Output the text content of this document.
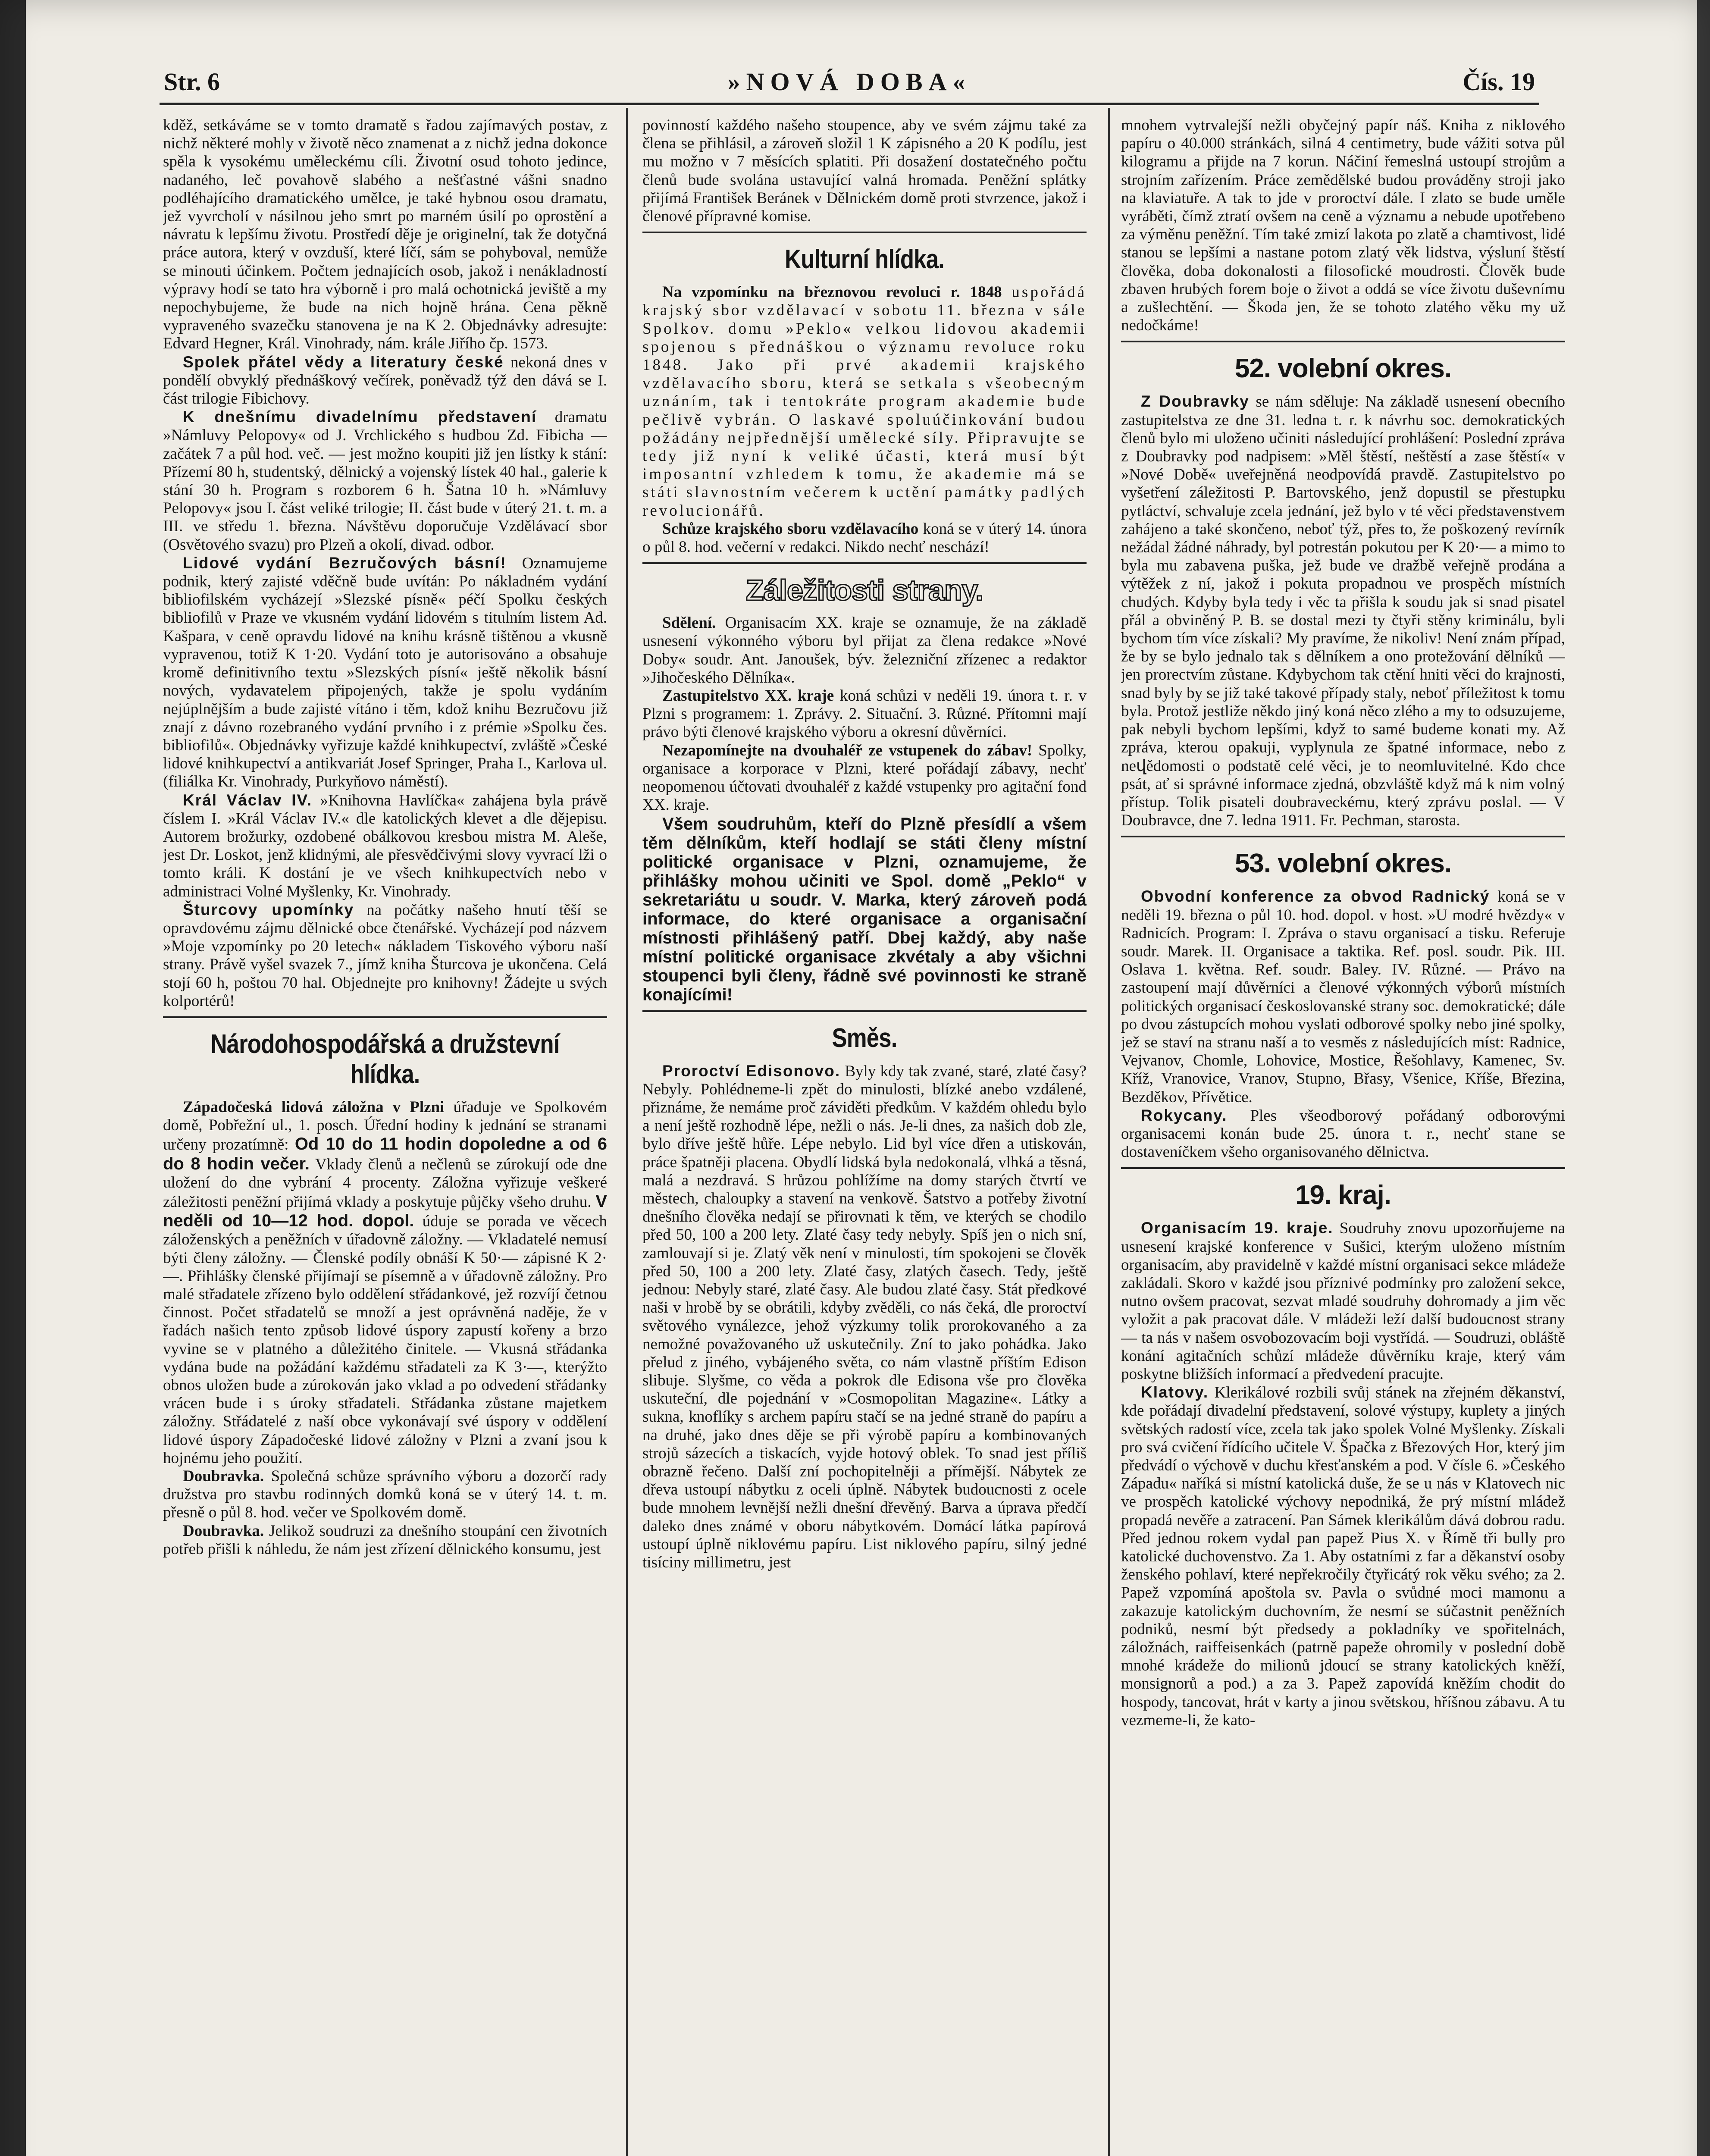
Str. 6	»NOVÁ DOBA«	Čís. 19

kděž, setkáváme se v tomto dramatě s řadou zajímavých postav, z nichž některé mohly v životě něco znamenat a z nichž jedna dokonce spěla k vysokému uměleckému cíli. Životní osud tohoto jedince, nadaného, leč povahově slabého a nešťastné vášni snadno podléhajícího dramatického umělce, je také hybnou osou dramatu, jež vyvrcholí v násilnou jeho smrt po marném úsilí po oprostění a návratu k lepšímu životu. Prostředí děje je originelní, tak že dotyčná práce autora, který v ovzduší, které líčí, sám se pohyboval, nemůže se minouti účinkem. Počtem jednajících osob, jakož i nenákladností výpravy hodí se tato hra výborně i pro malá ochotnická jeviště a my nepochybujeme, že bude na nich hojně hrána. Cena pěkně vypraveného svazečku stanovena je na K 2. Objednávky adresujte: Edvard Hegner, Král. Vinohrady, nám. krále Jiřího čp. 1573.

Spolek přátel vědy a literatury české nekoná dnes v pondělí obvyklý přednáškový večírek, poněvadž týž den dává se I. část trilogie Fibichovy.

K dnešnímu divadelnímu představení dramatu »Námluvy Pelopovy« od J. Vrchlického s hudbou Zd. Fibicha — začátek 7 a půl hod. več. — jest možno koupiti již jen lístky k stání: Přízemí 80 h, studentský, dělnický a vojenský lístek 40 hal., galerie k stání 30 h. Program s rozborem 6 h. Šatna 10 h. »Námluvy Pelopovy« jsou I. část veliké trilogie; II. část bude v úterý 21. t. m. a III. ve středu 1. března. Návštěvu doporučuje Vzdělávací sbor (Osvětového svazu) pro Plzeň a okolí, divad. odbor.

Lidové vydání Bezručových básní! Oznamujeme podnik, který zajisté vděčně bude uvítán: Po nákladném vydání bibliofilském vycházejí »Slezské písně« péčí Spolku českých bibliofilů v Praze ve vkusném vydání lidovém s titulním listem Ad. Kašpara, v ceně opravdu lidové na knihu krásně tištěnou a vkusně vypravenou, totiž K 1·20. Vydání toto je autorisováno a obsahuje kromě definitivního textu »Slezských písní« ještě několik básní nových, vydavatelem připojených, takže je spolu vydáním nejúplnějším a bude zajisté vítáno i těm, kdož knihu Bezručovu již znají z dávno rozebraného vydání prvního i z prémie »Spolku čes. bibliofilů«. Objednávky vyřizuje každé knihkupectví, zvláště »České lidové knihkupectví a antikvariát Josef Springer, Praha I., Karlova ul. (filiálka Kr. Vinohrady, Purkyňovo náměstí).

Král Václav IV. »Knihovna Havlíčka« zahájena byla právě číslem I. »Král Václav IV.« dle katolických klevet a dle dějepisu. Autorem brožurky, ozdobené obálkovou kresbou mistra M. Aleše, jest Dr. Loskot, jenž klidnými, ale přesvědčivými slovy vyvrací lži o tomto králi. K dostání je ve všech knihkupectvích nebo v administraci Volné Myšlenky, Kr. Vinohrady.

Šturcovy upomínky na počátky našeho hnutí těší se opravdovému zájmu dělnické obce čtenářské. Vycházejí pod názvem »Moje vzpomínky po 20 letech« nákladem Tiskového výboru naší strany. Právě vyšel svazek 7., jímž kniha Šturcova je ukončena. Celá stojí 60 h, poštou 70 hal. Objednejte pro knihovny! Žádejte u svých kolportérů!

Národohospodářská a družstevní hlídka.

Západočeská lidová záložna v Plzni úřaduje ve Spolkovém domě, Pobřežní ul., 1. posch. Úřední hodiny k jednání se stranami určeny prozatímně: Od 10 do 11 hodin dopoledne a od 6 do 8 hodin večer. Vklady členů a nečlenů se zúrokují ode dne uložení do dne vybrání 4 procenty. Záložna vyřizuje veškeré záležitosti peněžní přijímá vklady a poskytuje půjčky všeho druhu. V neděli od 10—12 hod. dopol. úduje se porada ve věcech záloženských a peněžních v úřadovně záložny. — Vkladatelé nemusí býti členy záložny. — Členské podíly obnáší K 50·— zápisné K 2·—. Přihlášky členské přijímají se písemně a v úřadovně záložny. Pro malé střadatele zřízeno bylo oddělení střádankové, jež rozvíjí četnou činnost. Počet střadatelů se množí a jest oprávněná naděje, že v řadách našich tento způsob lidové úspory zapustí kořeny a brzo vyvine se v platného a důležitého činitele. — Vkusná střádanka vydána bude na požádání každému střadateli za K 3·—, kterýžto obnos uložen bude a zúrokován jako vklad a po odvedení střádanky vrácen bude i s úroky střadateli. Střádanka zůstane majetkem záložny. Střádatelé z naší obce vykonávají své úspory v oddělení lidové úspory Západočeské lidové záložny v Plzni a zvaní jsou k hojnému jeho použití.

Doubravka. Společná schůze správního výboru a dozorčí rady družstva pro stavbu rodinných domků koná se v úterý 14. t. m. přesně o půl 8. hod. večer ve Spolkovém domě.

Doubravka. Jelikož soudruzi za dnešního stoupání cen životních potřeb přišli k náhledu, že nám jest zřízení dělnického konsumu, jest

povinností každého našeho stoupence, aby ve svém zájmu také za člena se přihlásil, a zároveň složil 1 K zápisného a 20 K podílu, jest mu možno v 7 měsících splatiti. Při dosažení dostatečného počtu členů bude svolána ustavující valná hromada. Peněžní splátky přijímá František Beránek v Dělnickém domě proti stvrzence, jakož i členové přípravné komise.

Kulturní hlídka.

Na vzpomínku na březnovou revoluci r. 1848 uspořádá krajský sbor vzdělavací v sobotu 11. března v sále Spolkov. domu »Peklo« velkou lidovou akademii spojenou s přednáškou o významu revoluce roku 1848. Jako při prvé akademii krajského vzdělavacího sboru, která se setkala s všeobecným uznáním, tak i tentokráte program akademie bude pečlivě vybrán. O laskavé spoluúčinkování budou požádány nejpřednější umělecké síly. Připravujte se tedy již nyní k veliké účasti, která musí být imposantní vzhledem k tomu, že akademie má se státi slavnostním večerem k uctění památky padlých revolucionářů.

Schůze krajského sboru vzdělavacího koná se v úterý 14. února o půl 8. hod. večerní v redakci. Nikdo nechť neschází!

Záležitosti strany.

Sdělení. Organisacím XX. kraje se oznamuje, že na základě usnesení výkonného výboru byl přijat za člena redakce »Nové Doby« soudr. Ant. Janoušek, býv. železniční zřízenec a redaktor »Jihočeského Dělníka«.

Zastupitelstvo XX. kraje koná schůzi v neděli 19. února t. r. v Plzni s programem: 1. Zprávy. 2. Situační. 3. Různé. Přítomni mají právo býti členové krajského výboru a okresní důvěrníci.

Nezapomínejte na dvouhaléř ze vstupenek do zábav! Spolky, organisace a korporace v Plzni, které pořádají zábavy, nechť neopomenou účtovati dvouhaléř z každé vstupenky pro agitační fond XX. kraje.

Všem soudruhům, kteří do Plzně přesídlí a všem těm dělníkům, kteří hodlají se státi členy místní politické organisace v Plzni, oznamujeme, že přihlášky mohou učiniti ve Spol. domě „Peklo“ v sekretariátu u soudr. V. Marka, který zároveň podá informace, do které organisace a organisační místnosti přihlášený patří. Dbej každý, aby naše místní politické organisace zkvétaly a aby všichni stoupenci byli členy, řádně své povinnosti ke straně konajícími!

Směs.

Proroctví Edisonovo. Byly kdy tak zvané, staré, zlaté časy? Nebyly. Pohlédneme-li zpět do minulosti, blízké anebo vzdálené, přiznáme, že nemáme proč záviděti předkům. V každém ohledu bylo a není ještě rozhodně lépe, nežli o nás. Je-li dnes, za našich dob zle, bylo dříve ještě hůře. Lépe nebylo. Lid byl více dřen a utiskován, práce špatněji placena. Obydlí lidská byla nedokonalá, vlhká a těsná, malá a nezdravá. S hrůzou pohlížíme na domy starých čtvrtí ve městech, chaloupky a stavení na venkově. Šatstvo a potřeby životní dnešního člověka nedají se přirovnati k těm, ve kterých se chodilo před 50, 100 a 200 lety. Zlaté časy tedy nebyly. Spíš jen o nich sní, zamlouvají si je. Zlatý věk není v minulosti, tím spokojeni se člověk před 50, 100 a 200 lety. Zlaté časy, zlatých časech. Tedy, ještě jednou: Nebyly staré, zlaté časy. Ale budou zlaté časy. Stát předkové naši v hrobě by se obrátili, kdyby zvěděli, co nás čeká, dle proroctví světového vynálezce, jehož výzkumy tolik prorokovaného a za nemožné považovaného už uskutečnily. Zní to jako pohádka. Jako přelud z jiného, vybájeného světa, co nám vlastně příštím Edison slibuje. Slyšme, co věda a pokrok dle Edisona vše pro člověka uskuteční, dle pojednání v »Cosmopolitan Magazine«. Látky a sukna, knoflíky s archem papíru stačí se na jedné straně do papíru a na druhé, jako dnes děje se při výrobě papíru a kombinovaných strojů sázecích a tiskacích, vyjde hotový oblek. To snad jest příliš obrazně řečeno. Další zní pochopitelněji a přímější. Nábytek ze dřeva ustoupí nábytku z oceli úplně. Nábytek budoucnosti z ocele bude mnohem levnější nežli dnešní dřevěný. Barva a úprava předčí daleko dnes známé v oboru nábytkovém. Domácí látka papírová ustoupí úplně niklovému papíru. List niklového papíru, silný jedné tisíciny millimetru, jest

mnohem vytrvalejší nežli obyčejný papír náš. Kniha z niklového papíru o 40.000 stránkách, silná 4 centimetry, bude vážiti sotva půl kilogramu a přijde na 7 korun. Náčiní řemeslná ustoupí strojům a strojním zařízením. Práce zemědělské budou prováděny stroji jako na klaviatuře. A tak to jde v proroctví dále. I zlato se bude uměle vyráběti, čímž ztratí ovšem na ceně a významu a nebude upotřebeno za výměnu peněžní. Tím také zmizí lakota po zlatě a chamtivost, lidé stanou se lepšími a nastane potom zlatý věk lidstva, výsluní štěstí člověka, doba dokonalosti a filosofické moudrosti. Člověk bude zbaven hrubých forem boje o život a oddá se více životu duševnímu a zušlechtění. — Škoda jen, že se tohoto zlatého věku my už nedočkáme!

52. volební okres.

Z Doubravky se nám sděluje: Na základě usnesení obecního zastupitelstva ze dne 31. ledna t. r. k návrhu soc. demokratických členů bylo mi uloženo učiniti následující prohlášení: Poslední zpráva z Doubravky pod nadpisem: »Měl štěstí, neštěstí a zase štěstí« v »Nové Době« uveřejněná neodpovídá pravdě. Zastupitelstvo po vyšetření záležitosti P. Bartovského, jenž dopustil se přestupku pytláctví, schvaluje zcela jednání, jež bylo v té věci představenstvem zahájeno a také skončeno, neboť týž, přes to, že poškozený revírník nežádal žádné náhrady, byl potrestán pokutou per K 20·— a mimo to byla mu zabavena puška, jež bude ve dražbě veřejně prodána a výtěžek z ní, jakož i pokuta propadnou ve prospěch místních chudých. Kdyby byla tedy i věc ta přišla k soudu jak si snad pisatel přál a obviněný P. B. se dostal mezi ty čtyři stěny kriminálu, byli bychom tím více získali? My pravíme, že nikoliv! Není znám případ, že by se bylo jednalo tak s dělníkem a ono protežování dělníků — jen prorectvím zůstane. Kdybychom tak ctění hniti věci do krajnosti, snad byly by se již také takové případy staly, neboť příležitost k tomu byla. Protož jestliže někdo jiný koná něco zlého a my to odsuzujeme, pak nebyli bychom lepšími, když to samé budeme konati my. Až zpráva, kterou opakuji, vyplynula ze špatné informace, nebo z neվědomosti o podstatě celé věci, je to neomluvitelné. Kdo chce psát, ať si správné informace zjedná, obzvláště když má k nim volný přístup. Tolik pisateli doubraveckému, který zprávu poslal. — V Doubravce, dne 7. ledna 1911. Fr. Pechman, starosta.

53. volební okres.

Obvodní konference za obvod Radnický koná se v neděli 19. března o půl 10. hod. dopol. v host. »U modré hvězdy« v Radnicích. Program: I. Zpráva o stavu organisací a tisku. Referuje soudr. Marek. II. Organisace a taktika. Ref. posl. soudr. Pik. III. Oslava 1. května. Ref. soudr. Baley. IV. Různé. — Právo na zastoupení mají důvěrníci a členové výkonných výborů místních politických organisací českoslovanské strany soc. demokratické; dále po dvou zástupcích mohou vyslati odborové spolky nebo jiné spolky, jež se staví na stranu naší a to vesměs z následujících míst: Radnice, Vejvanov, Chomle, Lohovice, Mostice, Řešohlavy, Kamenec, Sv. Kříž, Vranovice, Vranov, Stupno, Břasy, Všenice, Kříše, Březina, Bezděkov, Přívětice.

Rokycany. Ples všeodborový pořádaný odborovými organisacemi konán bude 25. února t. r., nechť stane se dostaveníčkem všeho organisovaného dělnictva.

19. kraj.

Organisacím 19. kraje. Soudruhy znovu upozorňujeme na usnesení krajské konference v Sušici, kterým uloženo místním organisacím, aby pravidelně v každé místní organisaci sekce mládeže zakládali. Skoro v každé jsou příznivé podmínky pro založení sekce, nutno ovšem pracovat, sezvat mladé soudruhy dohromady a jim věc vyložit a pak pracovat dále. V mládeži leží další budoucnost strany — ta nás v našem osvobozovacím boji vystřídá. — Soudruzi, obláště konání agitačních schůzí mládeže důvěrníku kraje, který vám poskytne bližších informací a předvedení pracujte.

Klatovy. Klerikálové rozbili svůj stánek na zřejném děkanství, kde pořádají divadelní představení, solové výstupy, kuplety a jiných světských radostí více, zcela tak jako spolek Volné Myšlenky. Získali pro svá cvičení řídícího učitele V. Špačka z Březových Hor, který jim předvádí o výchově v duchu křesťanském a pod. V čísle 6. »Českého Západu« naříká si místní katolická duše, že se u nás v Klatovech nic ve prospěch katolické výchovy nepodniká, že prý místní mládež propadá nevěře a zatracení. Pan Sámek klerikálům dává dobrou radu. Před jednou rokem vydal pan papež Pius X. v Římě tři bully pro katolické duchovenstvo. Za 1. Aby ostatními z far a děkanství osoby ženského pohlaví, které nepřekročily čtyřicátý rok věku svého; za 2. Papež vzpomíná apoštola sv. Pavla o svůdné moci mamonu a zakazuje katolickým duchovním, že nesmí se súčastnit peněžních podniků, nesmí být předsedy a pokladníky ve spořitelnách, záložnách, raiffeisenkách (patrně papeže ohromily v poslední době mnohé krádeže do milionů jdoucí se strany katolických kněží, monsignorů a pod.) a za 3. Papež zapovídá kněžím chodit do hospody, tancovat, hrát v karty a jinou světskou, hříšnou zábavu. A tu vezmeme-li, že kato-
